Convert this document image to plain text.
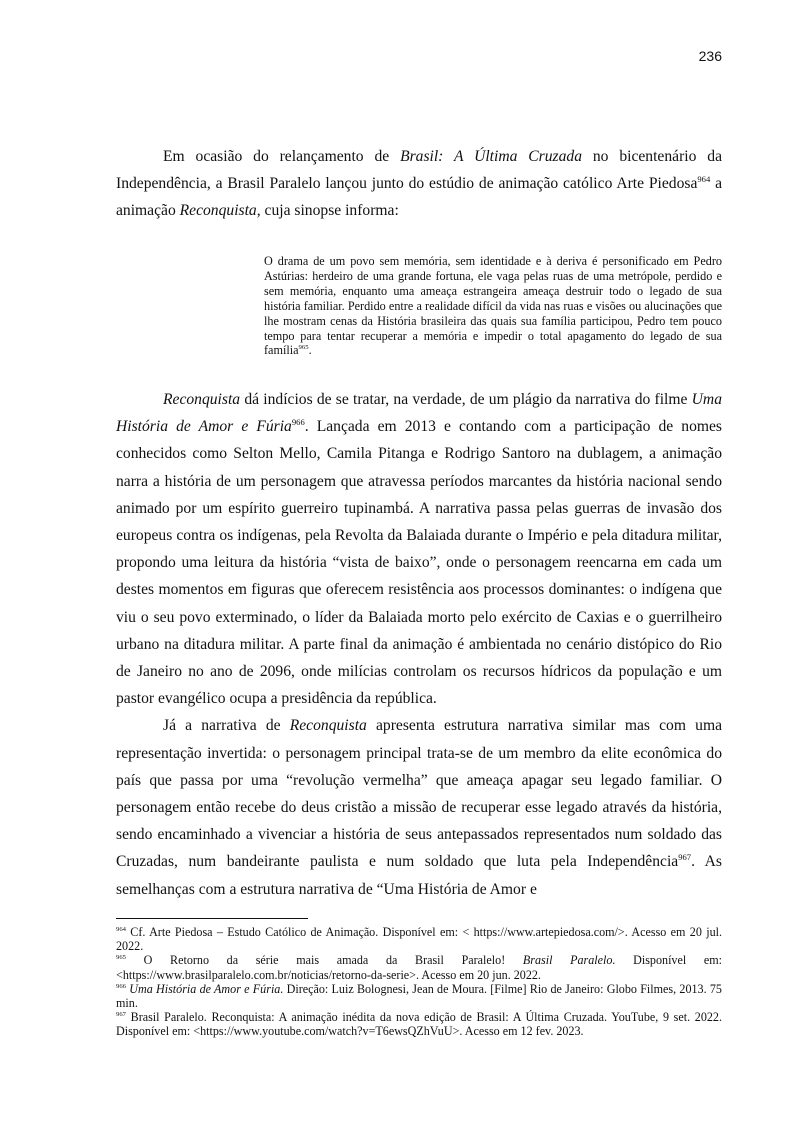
236

Em ocasião do relançamento de Brasil: A Última Cruzada no bicentenário da Independência, a Brasil Paralelo lançou junto do estúdio de animação católico Arte Piedosa$^{964}$ a animação Reconquista, cuja sinopse informa:

O drama de um povo sem memória, sem identidade e à deriva é personificado em Pedro Astúrias: herdeiro de uma grande fortuna, ele vaga pelas ruas de uma metrópole, perdido e sem memória, enquanto uma ameaça estrangeira ameaça destruir todo o legado de sua história familiar. Perdido entre a realidade difícil da vida nas ruas e visões ou alucinações que lhe mostram cenas da História brasileira das quais sua família participou, Pedro tem pouco tempo para tentar recuperar a memória e impedir o total apagamento do legado de sua família$^{965}$.

Reconquista dá indícios de se tratar, na verdade, de um plágio da narrativa do filme Uma História de Amor e Fúria$^{966}$. Lançada em 2013 e contando com a participação de nomes conhecidos como Selton Mello, Camila Pitanga e Rodrigo Santoro na dublagem, a animação narra a história de um personagem que atravessa períodos marcantes da história nacional sendo animado por um espírito guerreiro tupinambá. A narrativa passa pelas guerras de invasão dos europeus contra os indígenas, pela Revolta da Balaiada durante o Império e pela ditadura militar, propondo uma leitura da história “vista de baixo”, onde o personagem reencarna em cada um destes momentos em figuras que oferecem resistência aos processos dominantes: o indígena que viu o seu povo exterminado, o líder da Balaiada morto pelo exército de Caxias e o guerrilheiro urbano na ditadura militar. A parte final da animação é ambientada no cenário distópico do Rio de Janeiro no ano de 2096, onde milícias controlam os recursos hídricos da população e um pastor evangélico ocupa a presidência da república.

Já a narrativa de Reconquista apresenta estrutura narrativa similar mas com uma representação invertida: o personagem principal trata-se de um membro da elite econômica do país que passa por uma “revolução vermelha” que ameaça apagar seu legado familiar. O personagem então recebe do deus cristão a missão de recuperar esse legado através da história, sendo encaminhado a vivenciar a história de seus antepassados representados num soldado das Cruzadas, num bandeirante paulista e num soldado que luta pela Independência$^{967}$. As semelhanças com a estrutura narrativa de “Uma História de Amor e

$^{964}$ Cf. Arte Piedosa – Estudo Católico de Animação. Disponível em: < https://www.artepiedosa.com/>. Acesso em 20 jul. 2022.

$^{965}$ O Retorno da série mais amada da Brasil Paralelo! Brasil Paralelo. Disponível em: <https://www.brasilparalelo.com.br/noticias/retorno-da-serie>. Acesso em 20 jun. 2022.

$^{966}$ Uma História de Amor e Fúria. Direção: Luiz Bolognesi, Jean de Moura. [Filme] Rio de Janeiro: Globo Filmes, 2013. 75 min.

$^{967}$ Brasil Paralelo. Reconquista: A animação inédita da nova edição de Brasil: A Última Cruzada. YouTube, 9 set. 2022. Disponível em: <https://www.youtube.com/watch?v=T6ewsQZhVuU>. Acesso em 12 fev. 2023.
